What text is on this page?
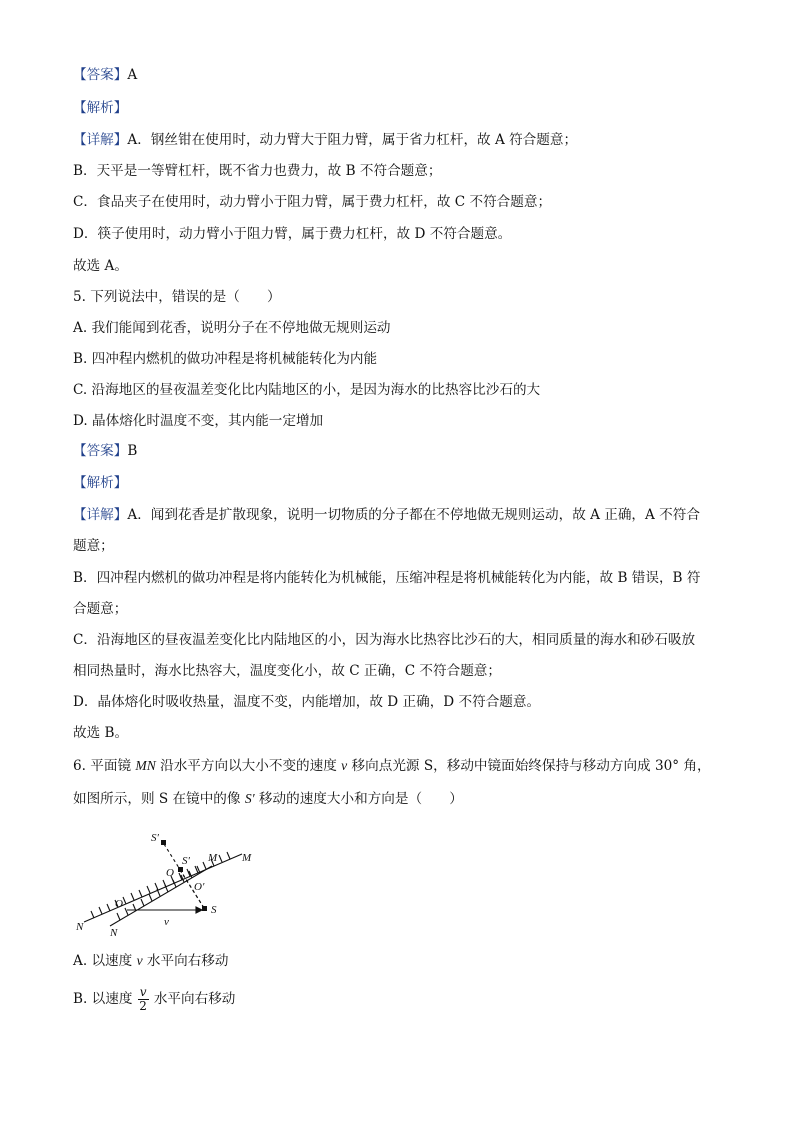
【答案】A
【解析】
【详解】A．钢丝钳在使用时，动力臂大于阻力臂，属于省力杠杆，故 A 符合题意；
B．天平是一等臂杠杆，既不省力也费力，故 B 不符合题意；
C．食品夹子在使用时，动力臂小于阻力臂，属于费力杠杆，故 C 不符合题意；
D．筷子使用时，动力臂小于阻力臂，属于费力杠杆，故 D 不符合题意。
故选 A。
5. 下列说法中，错误的是（　　）
A. 我们能闻到花香，说明分子在不停地做无规则运动
B. 四冲程内燃机的做功冲程是将机械能转化为内能
C. 沿海地区的昼夜温差变化比内陆地区的小，是因为海水的比热容比沙石的大
D. 晶体熔化时温度不变，其内能一定增加
【答案】B
【解析】
【详解】A．闻到花香是扩散现象，说明一切物质的分子都在不停地做无规则运动，故 A 正确，A 不符合
题意；
B．四冲程内燃机的做功冲程是将内能转化为机械能，压缩冲程是将机械能转化为内能，故 B 错误，B 符
合题意；
C．沿海地区的昼夜温差变化比内陆地区的小，因为海水比热容比沙石的大，相同质量的海水和砂石吸放
相同热量时，海水比热容大，温度变化小，故 C 正确，C 不符合题意；
D．晶体熔化时吸收热量，温度不变，内能增加，故 D 正确，D 不符合题意。
故选 B。
6. 平面镜 MN 沿水平方向以大小不变的速度 v 移向点光源 S，移动中镜面始终保持与移动方向成 30° 角，
如图所示，则 S 在镜中的像 S′ 移动的速度大小和方向是（　　）
S′
S′
O
O′
O
M M
N N
S
v
A. 以速度 v 水平向右移动
B. 以速度 $\frac{v}{2}$ 水平向右移动
